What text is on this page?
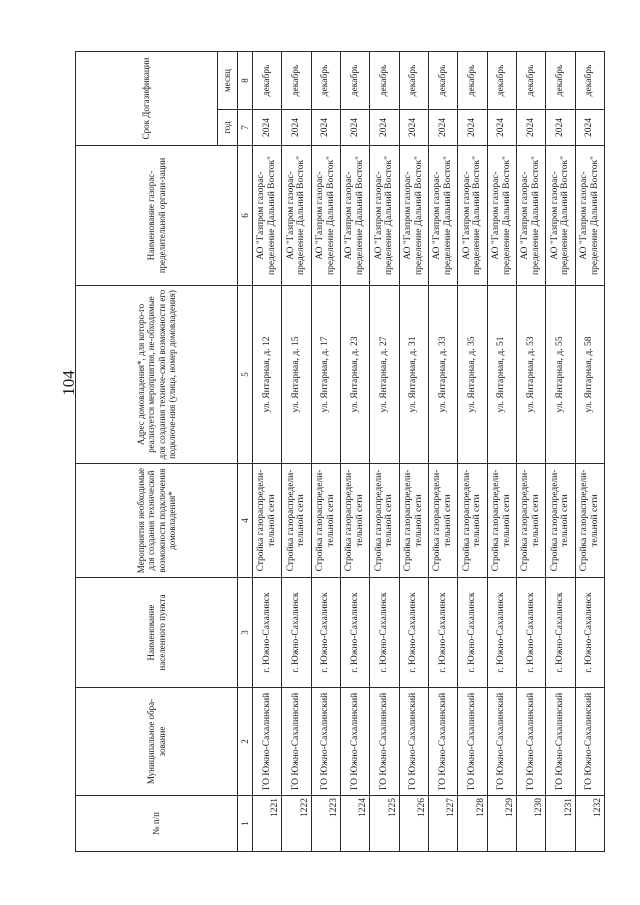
104
№ п/п	Муниципальное обра-зование	Наименование населенного пункта	Мероприятия необходимые для создания технической возможности подключения домовладения*	Адрес домовладения*, для которо-го реализуется мероприятия, не-обходимые для создания техниче-ской возможности его подключе-ния (улица, номер домовладения)	Наименование газорас-пределительной органи-зации	Срок Догазификации	
						год	месяц
1	2	3	4	5	6	7	8

1221	ГО Южно-Сахалинский	г. Южно-Сахалинск	Стройка газораспредели-тельной сети	ул. Янтарная, д. 12	АО "Газпром газорас-пределение Дальний Восток"	2024	декабрь

1222	ГО Южно-Сахалинский	г. Южно-Сахалинск	Стройка газораспредели-тельной сети	ул. Янтарная, д. 15	АО "Газпром газорас-пределение Дальний Восток"	2024	декабрь

1223	ГО Южно-Сахалинский	г. Южно-Сахалинск	Стройка газораспредели-тельной сети	ул. Янтарная, д. 17	АО "Газпром газорас-пределение Дальний Восток"	2024	декабрь

1224	ГО Южно-Сахалинский	г. Южно-Сахалинск	Стройка газораспредели-тельной сети	ул. Янтарная, д. 23	АО "Газпром газорас-пределение Дальний Восток"	2024	декабрь

1225	ГО Южно-Сахалинский	г. Южно-Сахалинск	Стройка газораспредели-тельной сети	ул. Янтарная, д. 27	АО "Газпром газорас-пределение Дальний Восток"	2024	декабрь

1226	ГО Южно-Сахалинский	г. Южно-Сахалинск	Стройка газораспредели-тельной сети	ул. Янтарная, д. 31	АО "Газпром газорас-пределение Дальний Восток"	2024	декабрь

1227	ГО Южно-Сахалинский	г. Южно-Сахалинск	Стройка газораспредели-тельной сети	ул. Янтарная, д. 33	АО "Газпром газорас-пределение Дальний Восток"	2024	декабрь

1228	ГО Южно-Сахалинский	г. Южно-Сахалинск	Стройка газораспредели-тельной сети	ул. Янтарная, д. 35	АО "Газпром газорас-пределение Дальний Восток"	2024	декабрь

1229	ГО Южно-Сахалинский	г. Южно-Сахалинск	Стройка газораспредели-тельной сети	ул. Янтарная, д. 51	АО "Газпром газорас-пределение Дальний Восток"	2024	декабрь

1230	ГО Южно-Сахалинский	г. Южно-Сахалинск	Стройка газораспредели-тельной сети	ул. Янтарная, д. 53	АО "Газпром газорас-пределение Дальний Восток"	2024	декабрь

1231	ГО Южно-Сахалинский	г. Южно-Сахалинск	Стройка газораспредели-тельной сети	ул. Янтарная, д. 55	АО "Газпром газорас-пределение Дальний Восток"	2024	декабрь

1232	ГО Южно-Сахалинский	г. Южно-Сахалинск	Стройка газораспредели-тельной сети	ул. Янтарная, д. 58	АО "Газпром газорас-пределение Дальний Восток"	2024	декабрь
